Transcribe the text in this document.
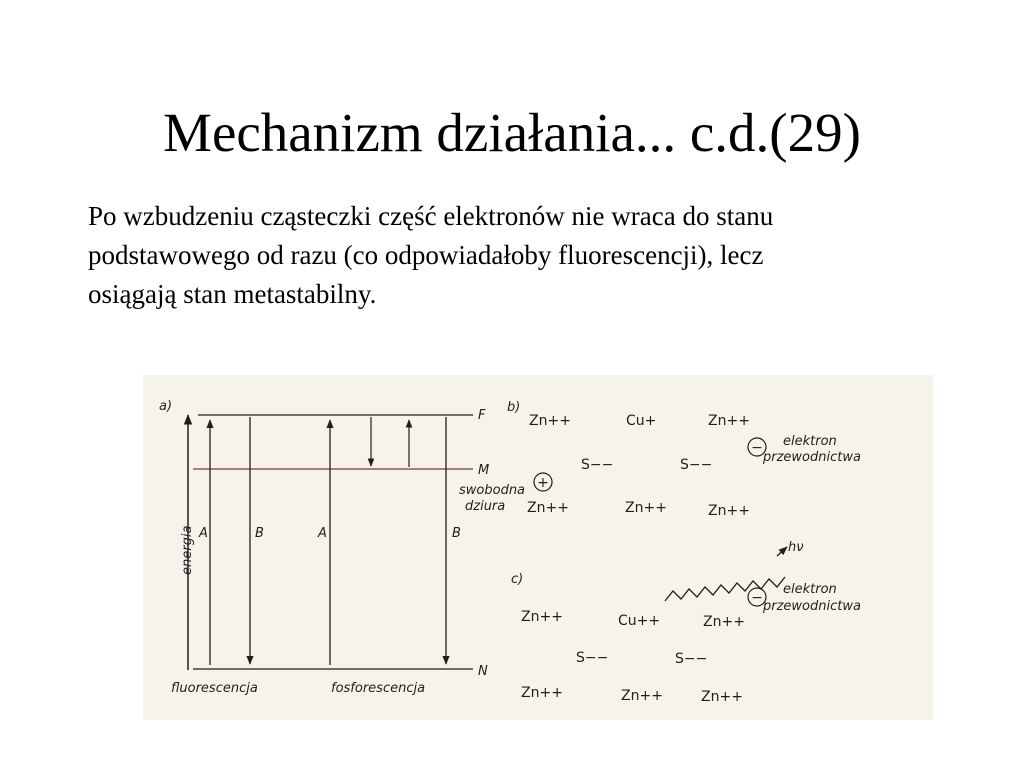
Mechanizm działania... c.d.(29)
Po wzbudzeniu cząsteczki część elektronów nie wraca do stanu
podstawowego od razu (co odpowiadałoby fluorescencji), lecz
osiągają stan metastabilny.
a)
energia
F
M
N
A	B	A	B
fluorescencja	fosforescencja
b)
Zn++	Cu+	Zn++
S−−	S−−
Zn++	Zn++	Zn++
+
swobodna
dziura
− elektron
przewodnictwa
c)
hν
−
elektron
przewodnictwa
Zn++	Cu++	Zn++
S−−	S−−
Zn++	Zn++	Zn++
